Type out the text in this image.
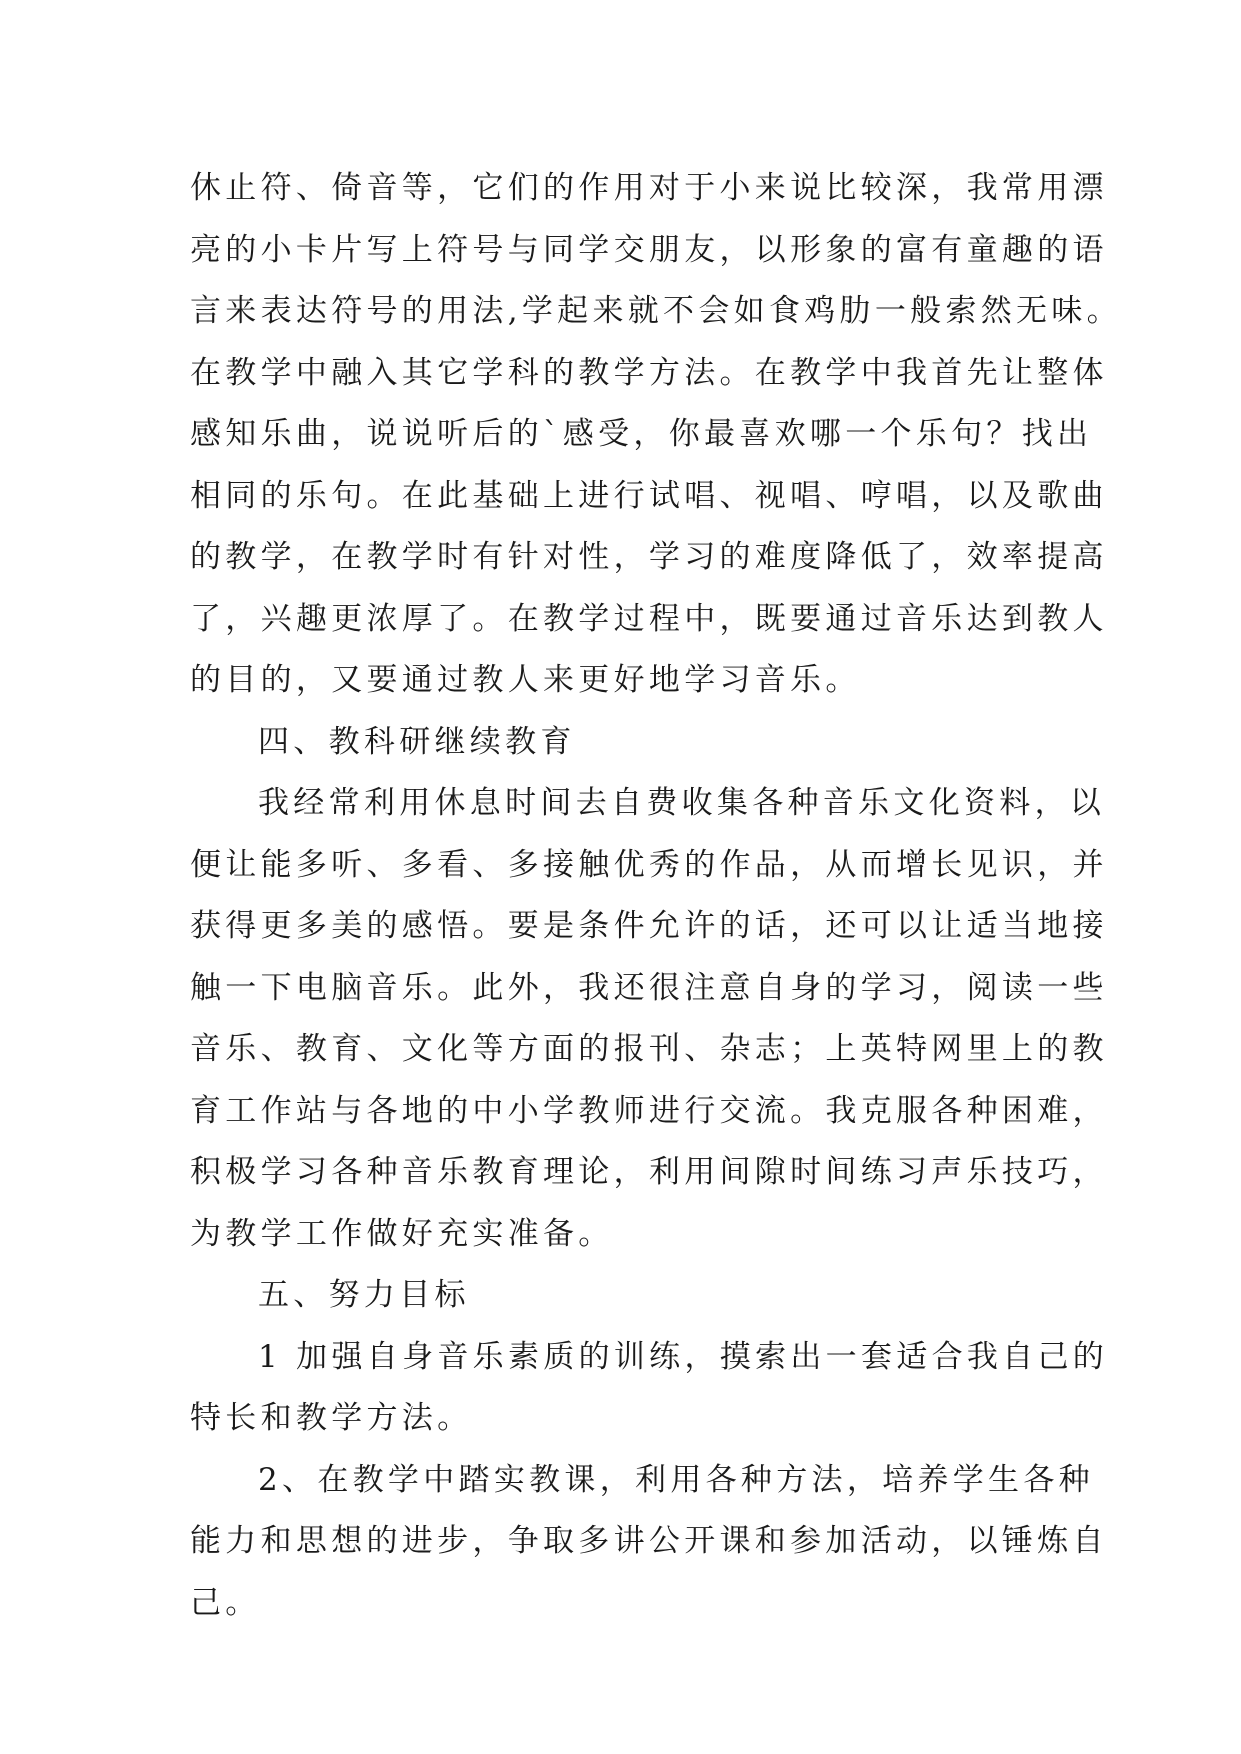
休止符、倚音等，它们的作用对于小来说比较深，我常用漂
亮的小卡片写上符号与同学交朋友，以形象的富有童趣的语
言来表达符号的用法,学起来就不会如食鸡肋一般索然无味。
在教学中融入其它学科的教学方法。在教学中我首先让整体
感知乐曲，说说听后的`感受，你最喜欢哪一个乐句？找出
相同的乐句。在此基础上进行试唱、视唱、哼唱，以及歌曲
的教学，在教学时有针对性，学习的难度降低了，效率提高
了，兴趣更浓厚了。在教学过程中，既要通过音乐达到教人
的目的，又要通过教人来更好地学习音乐。
四、教科研继续教育
我经常利用休息时间去自费收集各种音乐文化资料，以
便让能多听、多看、多接触优秀的作品，从而增长见识，并
获得更多美的感悟。要是条件允许的话，还可以让适当地接
触一下电脑音乐。此外，我还很注意自身的学习，阅读一些
音乐、教育、文化等方面的报刊、杂志；上英特网里上的教
育工作站与各地的中小学教师进行交流。我克服各种困难，
积极学习各种音乐教育理论，利用间隙时间练习声乐技巧，
为教学工作做好充实准备。
五、努力目标
1 加强自身音乐素质的训练，摸索出一套适合我自己的
特长和教学方法。
2、在教学中踏实教课，利用各种方法，培养学生各种
能力和思想的进步，争取多讲公开课和参加活动，以锤炼自
己。
